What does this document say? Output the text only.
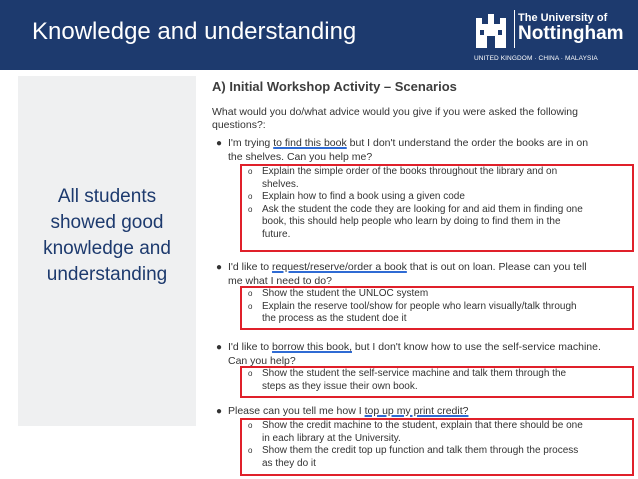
Knowledge and understanding	The University of
Nottingham
UNITED KINGDOM · CHINA · MALAYSIA
All students
showed good
knowledge and
understanding
A) Initial Workshop Activity – Scenarios
What would you do/what advice would you give if you were asked the following
questions?:
● I'm trying to find this book but I don't understand the order the books are in on
the shelves. Can you help me?
o Explain the simple order of the books throughout the library and on
shelves.
o Explain how to find a book using a given code
o Ask the student the code they are looking for and aid them in finding one
book, this should help people who learn by doing to find them in the
future.
● I'd like to request/reserve/order a book that is out on loan. Please can you tell
me what I need to do?
o Show the student the UNLOC system
o Explain the reserve tool/show for people who learn visually/talk through
the process as the student doe it
● I'd like to borrow this book, but I don't know how to use the self-service machine.
Can you help?
o Show the student the self-service machine and talk them through the
steps as they issue their own book.
● Please can you tell me how I top up my print credit?
o Show the credit machine to the student, explain that there should be one
in each library at the University.
o Show them the credit top up function and talk them through the process
as they do it
